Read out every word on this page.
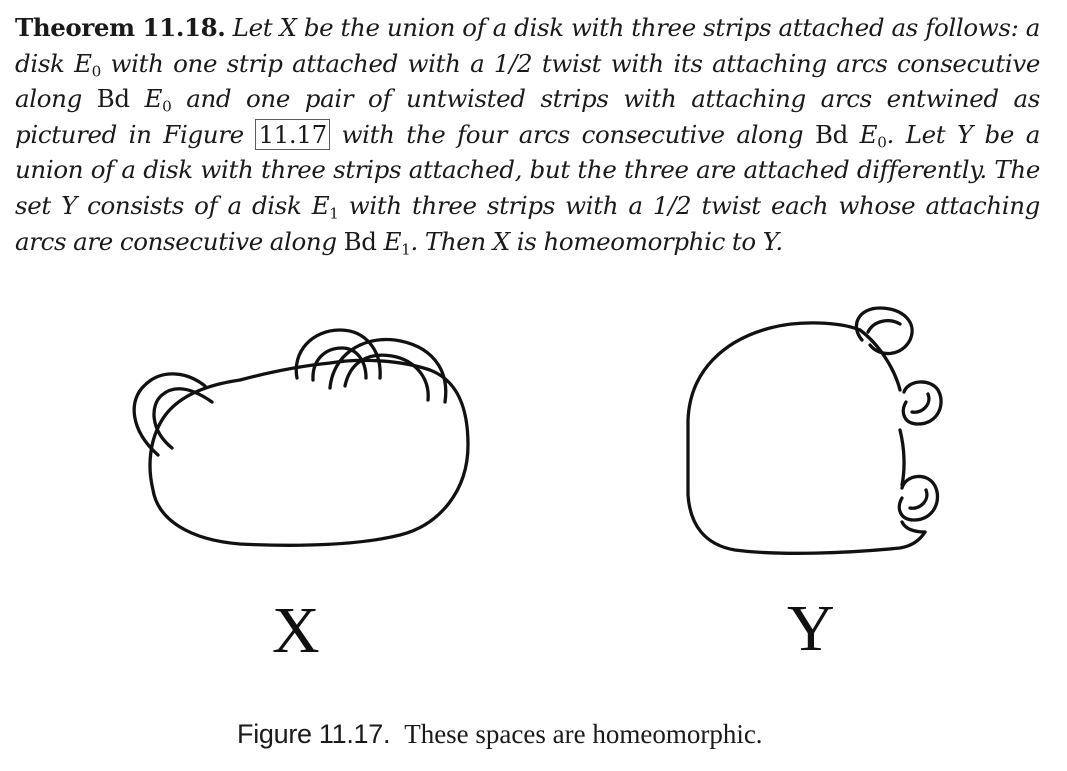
Theorem 11.18. Let X be the union of a disk with three strips attached as follows: a disk $E_0$ with one strip attached with a 1/2 twist with its attaching arcs consecutive along Bd $E_0$ and one pair of untwisted strips with attaching arcs entwined as pictured in Figure 11.17 with the four arcs consecutive along Bd $E_0$. Let Y be a union of a disk with three strips attached, but the three are attached differently. The set Y consists of a disk $E_1$ with three strips with a 1/2 twist each whose attaching arcs are consecutive along Bd $E_1$. Then X is homeomorphic to Y.
X	Y
Figure 11.17. These spaces are homeomorphic.
